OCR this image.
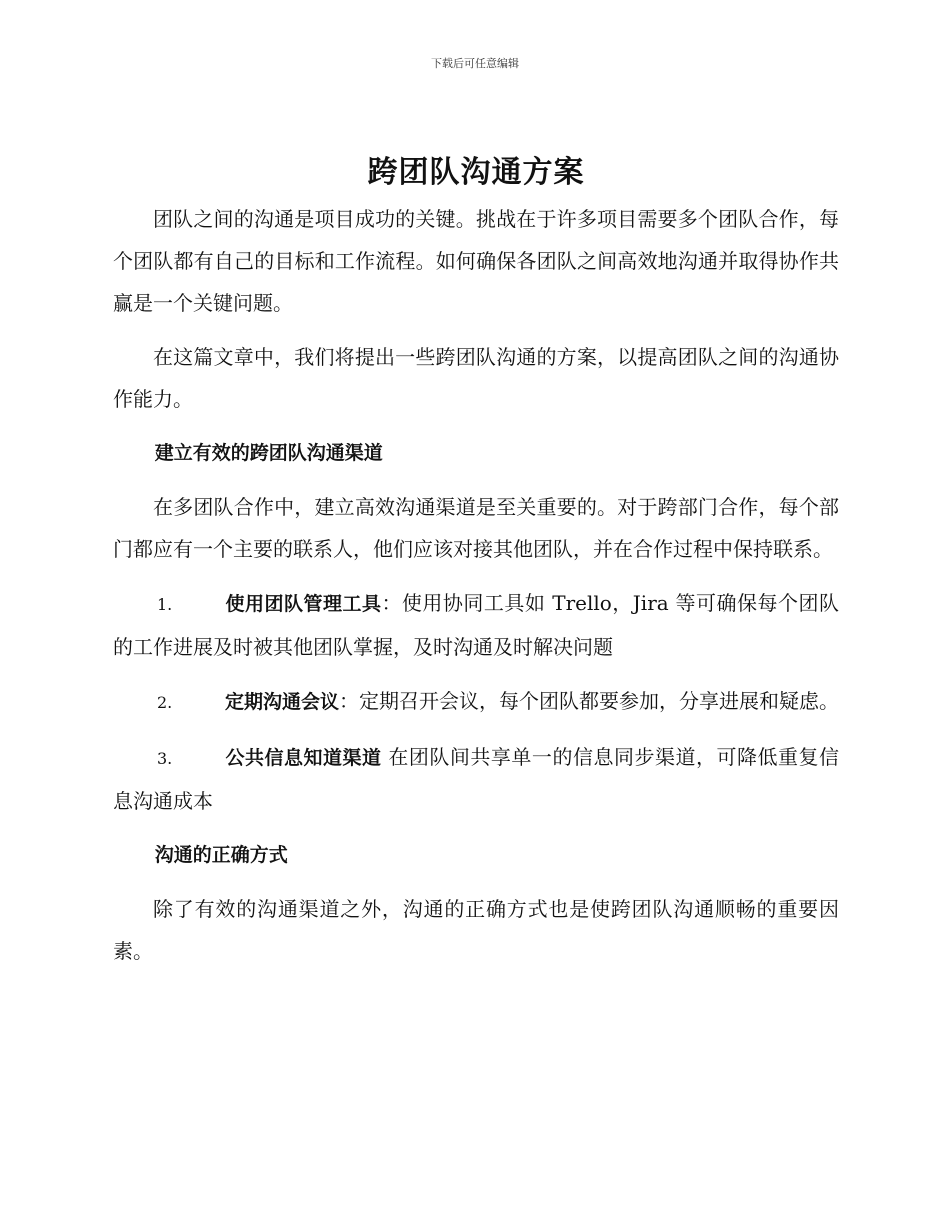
下载后可任意编辑
跨团队沟通方案

团队之间的沟通是项目成功的关键。挑战在于许多项目需要多个团队合作，每个团队都有自己的目标和工作流程。如何确保各团队之间高效地沟通并取得协作共赢是一个关键问题。

在这篇文章中，我们将提出一些跨团队沟通的方案，以提高团队之间的沟通协作能力。

建立有效的跨团队沟通渠道

在多团队合作中，建立高效沟通渠道是至关重要的。对于跨部门合作，每个部门都应有一个主要的联系人，他们应该对接其他团队，并在合作过程中保持联系。

1.	使用团队管理工具：使用协同工具如 Trello，Jira 等可确保每个团队的工作进展及时被其他团队掌握，及时沟通及时解决问题
2.	定期沟通会议：定期召开会议，每个团队都要参加，分享进展和疑虑。
3.	公共信息知道渠道 在团队间共享单一的信息同步渠道，可降低重复信息沟通成本
沟通的正确方式

除了有效的沟通渠道之外，沟通的正确方式也是使跨团队沟通顺畅的重要因素。
